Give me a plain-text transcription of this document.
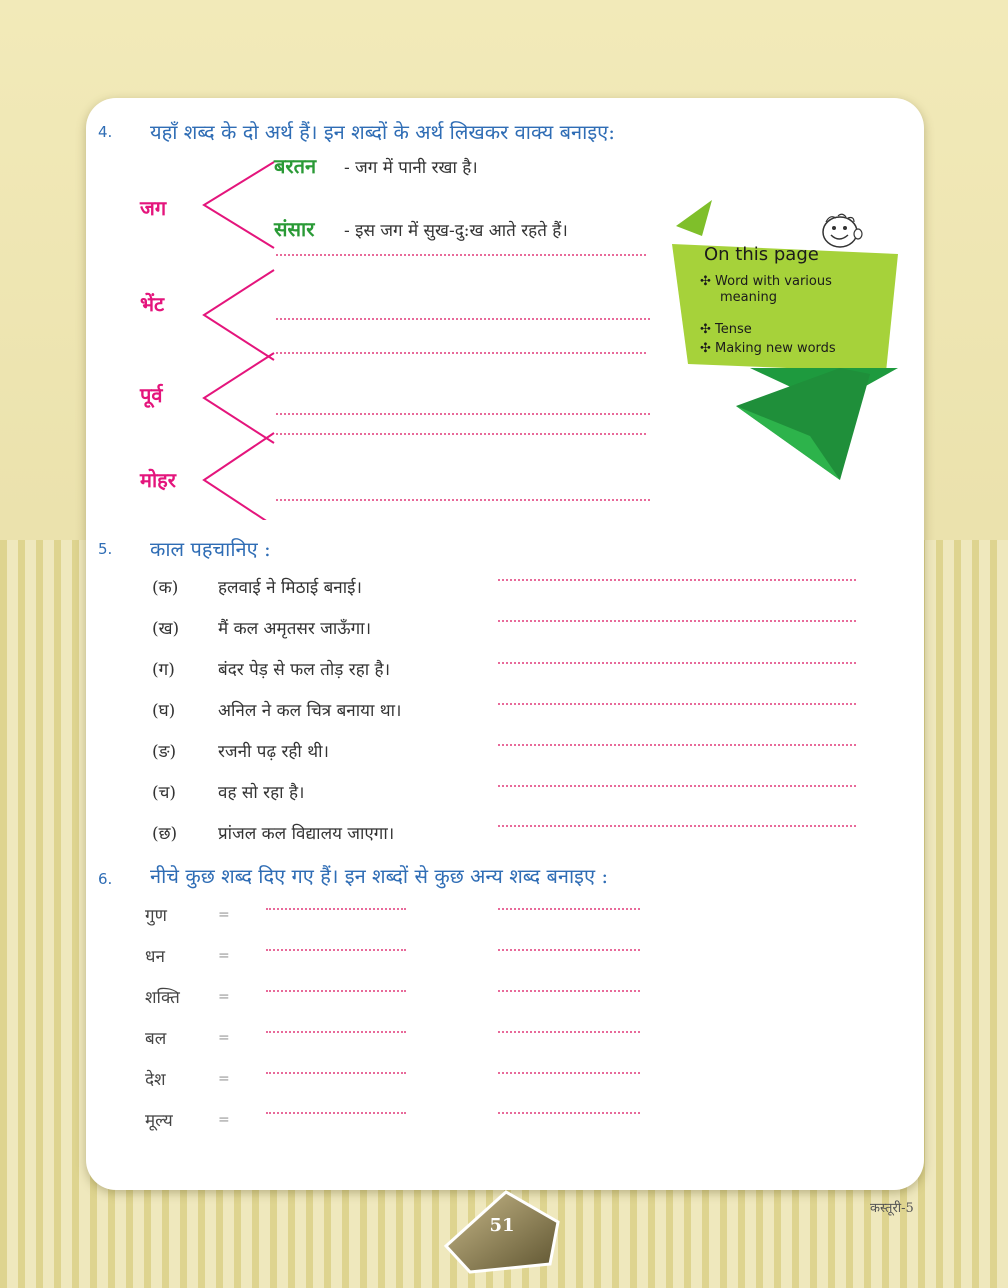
4. यहाँ शब्द के दो अर्थ हैं। इन शब्दों के अर्थ लिखकर वाक्य बनाइए:
जग
भेंट
पूर्व
मोहर
बरतन - जग में पानी रखा है।
संसार - इस जग में सुख-दु:ख आते रहते हैं।
On this page
✣ Word with various
meaning
✣ Tense
✣ Making new words
5. काल पहचानिए :
(क) हलवाई ने मिठाई बनाई।
(ख) मैं कल अमृतसर जाऊँगा।
(ग)	बंदर पेड़ से फल तोड़ रहा है।
(घ)	अनिल ने कल चित्र बनाया था।
(ङ) रजनी पढ़ रही थी।
(च) वह सो रहा है।
(छ) प्रांजल कल विद्यालय जाएगा।
6. नीचे कुछ शब्द दिए गए हैं। इन शब्दों से कुछ अन्य शब्द बनाइए :
गुण	=
धन	=
शक्ति	=
बल	=
देश	=
मूल्य	=
51
कस्तूरी-5
